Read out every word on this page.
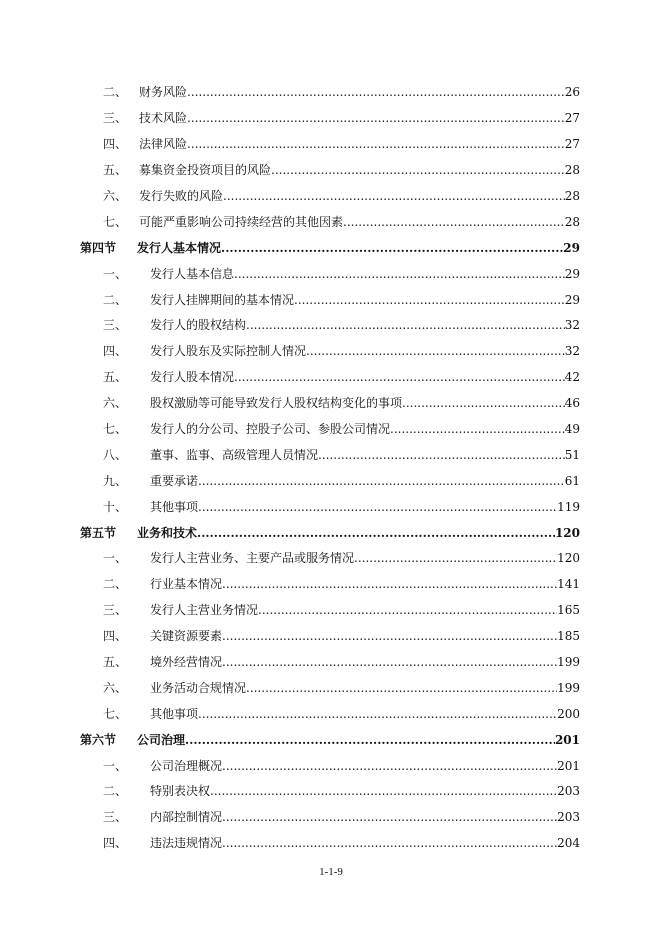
二、 财务风险 .....	26
三、 技术风险 .....	27
四、 法律风险 .....	27
五、 募集资金投资项目的风险 .....	28
六、 发行失败的风险 .....	28
七、 可能严重影响公司持续经营的其他因素 .....	28
第四节 发行人基本情况 .....	29
一、 发行人基本信息 .....	29
二、 发行人挂牌期间的基本情况 .....	29
三、 发行人的股权结构 .....	32
四、 发行人股东及实际控制人情况 .....	32
五、 发行人股本情况 .....	42
六、 股权激励等可能导致发行人股权结构变化的事项 .....	46
七、 发行人的分公司、控股子公司、参股公司情况 .....	49
八、 董事、监事、高级管理人员情况 .....	51
九、 重要承诺 .....	61
十、 其他事项 .....	119
第五节 业务和技术 .....	120
一、 发行人主营业务、主要产品或服务情况 .....	120
二、 行业基本情况 .....	141
三、 发行人主营业务情况 .....	165
四、 关键资源要素 .....	185
五、 境外经营情况 .....	199
六、 业务活动合规情况 .....	199
七、 其他事项 .....	200
第六节 公司治理 .....	201
一、 公司治理概况 .....	201
二、 特别表决权 .....	203
三、 内部控制情况 .....	203
四、 违法违规情况 .....	204
1-1-9
